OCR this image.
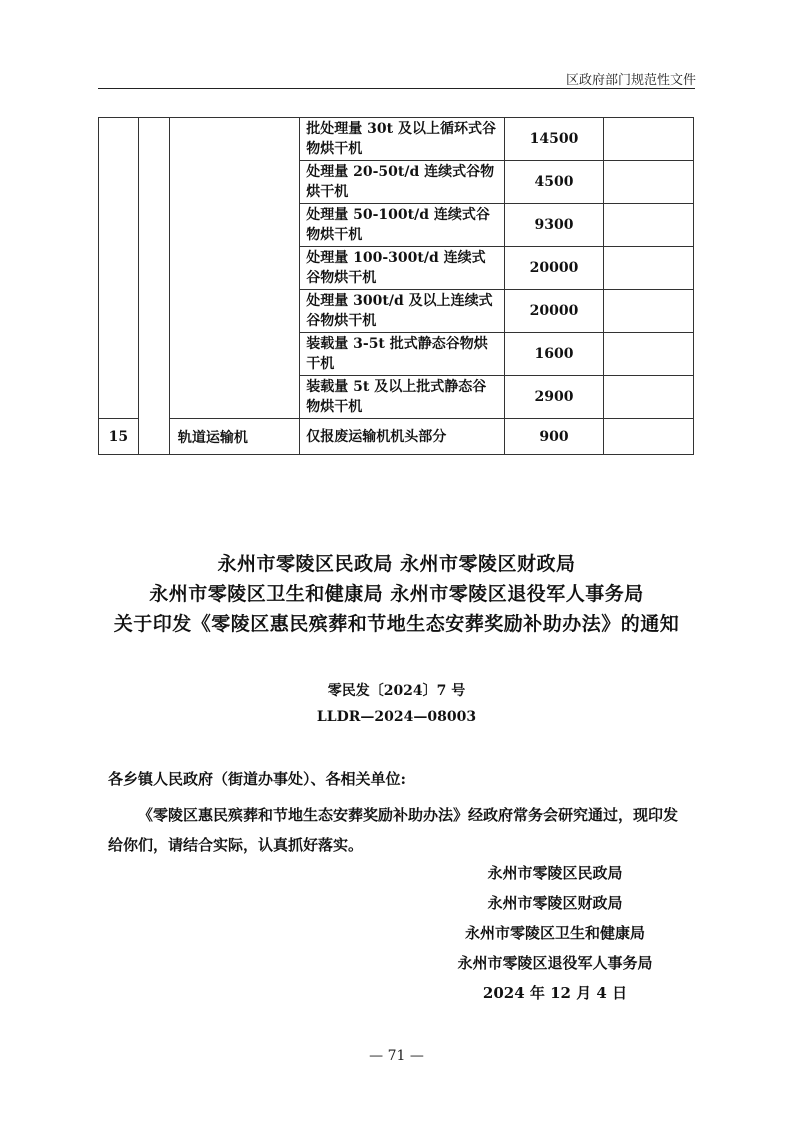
区政府部门规范性文件
			批处理量 30t 及以上循环式谷物烘干机	14500	
			处理量 20-50t/d 连续式谷物烘干机	4500	
			处理量 50-100t/d 连续式谷物烘干机	9300	
			处理量 100-300t/d 连续式谷物烘干机	20000	
			处理量 300t/d 及以上连续式谷物烘干机	20000	
			装载量 3-5t 批式静态谷物烘干机	1600	
			装载量 5t 及以上批式静态谷物烘干机	2900	
15		轨道运输机	仅报废运输机机头部分	900	
永州市零陵区民政局 永州市零陵区财政局
永州市零陵区卫生和健康局 永州市零陵区退役军人事务局
关于印发《零陵区惠民殡葬和节地生态安葬奖励补助办法》的通知
零民发〔2024〕7 号
LLDR—2024—08003
各乡镇人民政府（街道办事处）、各相关单位:
《零陵区惠民殡葬和节地生态安葬奖励补助办法》经政府常务会研究通过，现印发给你们，请结合实际，认真抓好落实。
永州市零陵区民政局
永州市零陵区财政局
永州市零陵区卫生和健康局
永州市零陵区退役军人事务局
2024 年 12 月 4 日
— 71 —
